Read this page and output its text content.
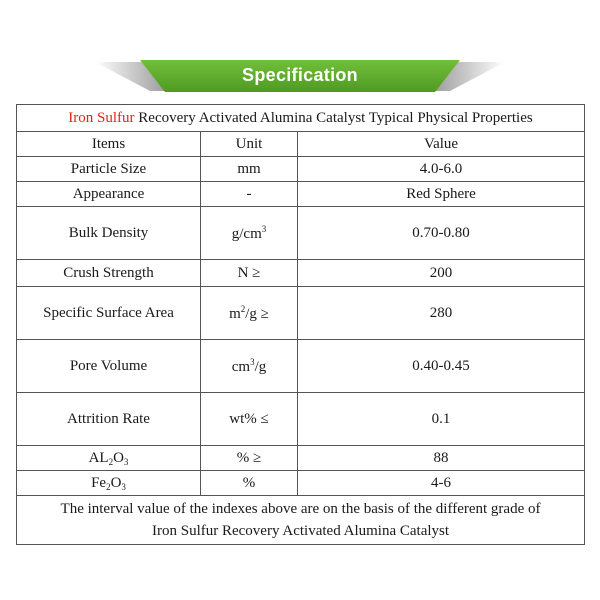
Specification
Iron Sulfur Recovery Activated Alumina Catalyst Typical Physical Properties		
Items	Unit	Value
Particle Size	mm	4.0-6.0
Appearance	-	Red Sphere
Bulk Density	$g/cm^3$	0.70-0.80
Crush Strength	N ≥	200
Specific Surface Area	$m^2/g$ ≥	280
Pore Volume	$cm^3/g$	0.40-0.45
Attrition Rate	wt% ≤	0.1
$AL_2O_3$	% ≥	88
$Fe_2O_3$	%	4-6

The interval value of the indexes above are on the basis of the different grade of
Iron Sulfur Recovery Activated Alumina Catalyst		
